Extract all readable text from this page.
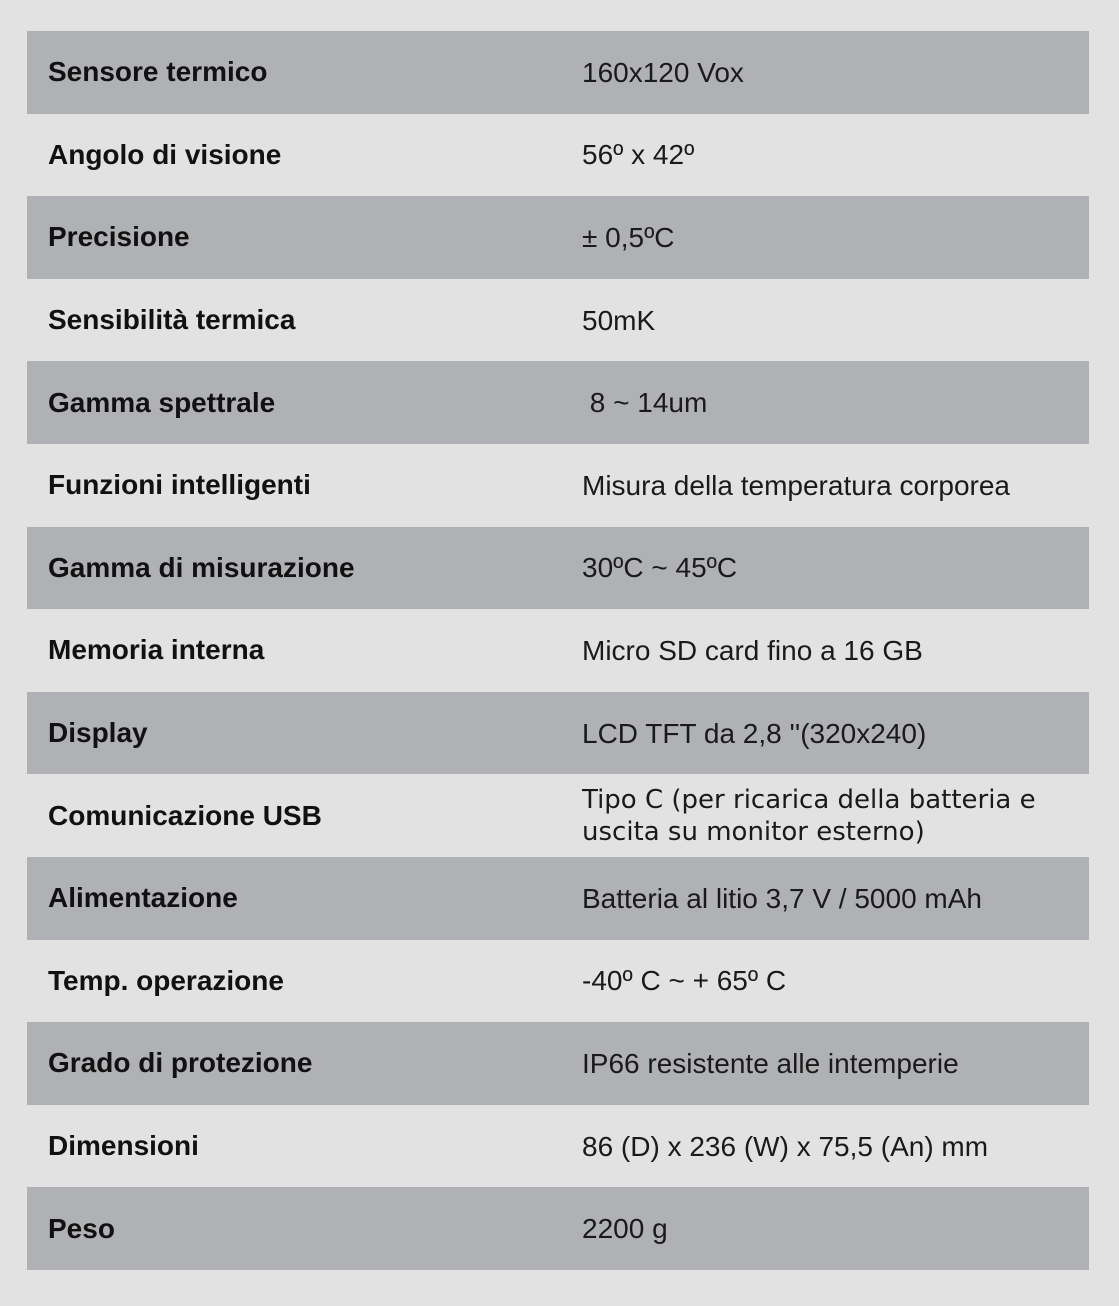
Sensore termico	160x120 Vox
Angolo di visione	56º x 42º
Precisione	± 0,5ºC
Sensibilità termica	50mK
Gamma spettrale	8 ~ 14um
Funzioni intelligenti	Misura della temperatura corporea
Gamma di misurazione	30ºC ~ 45ºC
Memoria interna	Micro SD card fino a 16 GB
Display	LCD TFT da 2,8 ''(320x240)
Comunicazione USB	Tipo C (per ricarica della batteria e uscita su monitor esterno)
Alimentazione	Batteria al litio 3,7 V / 5000 mAh
Temp. operazione	-40º C ~ + 65º C
Grado di protezione	IP66 resistente alle intemperie
Dimensioni	86 (D) x 236 (W) x 75,5 (An) mm
Peso	2200 g
